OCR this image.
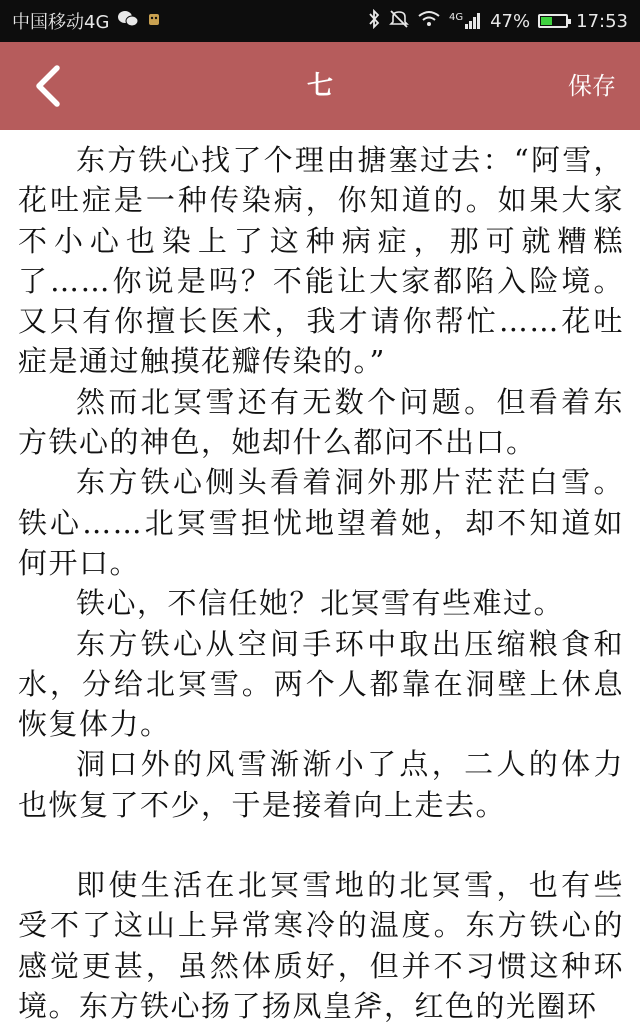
中国移动4G	4G 47%	17:53
七	保存

东方铁心找了个理由搪塞过去：“阿雪，花吐症是一种传染病，你知道的。如果大家不小心也染上了这种病症，那可就糟糕了……你说是吗？不能让大家都陷入险境。又只有你擅长医术，我才请你帮忙……花吐症是通过触摸花瓣传染的。”

然而北冥雪还有无数个问题。但看着东方铁心的神色，她却什么都问不出口。

东方铁心侧头看着洞外那片茫茫白雪。铁心……北冥雪担忧地望着她，却不知道如何开口。

铁心，不信任她？北冥雪有些难过。

东方铁心从空间手环中取出压缩粮食和水，分给北冥雪。两个人都靠在洞壁上休息恢复体力。

洞口外的风雪渐渐小了点，二人的体力也恢复了不少，于是接着向上走去。

即使生活在北冥雪地的北冥雪，也有些受不了这山上异常寒冷的温度。东方铁心的感觉更甚，虽然体质好，但并不习惯这种环境。东方铁心扬了扬凤皇斧，红色的光圈环
